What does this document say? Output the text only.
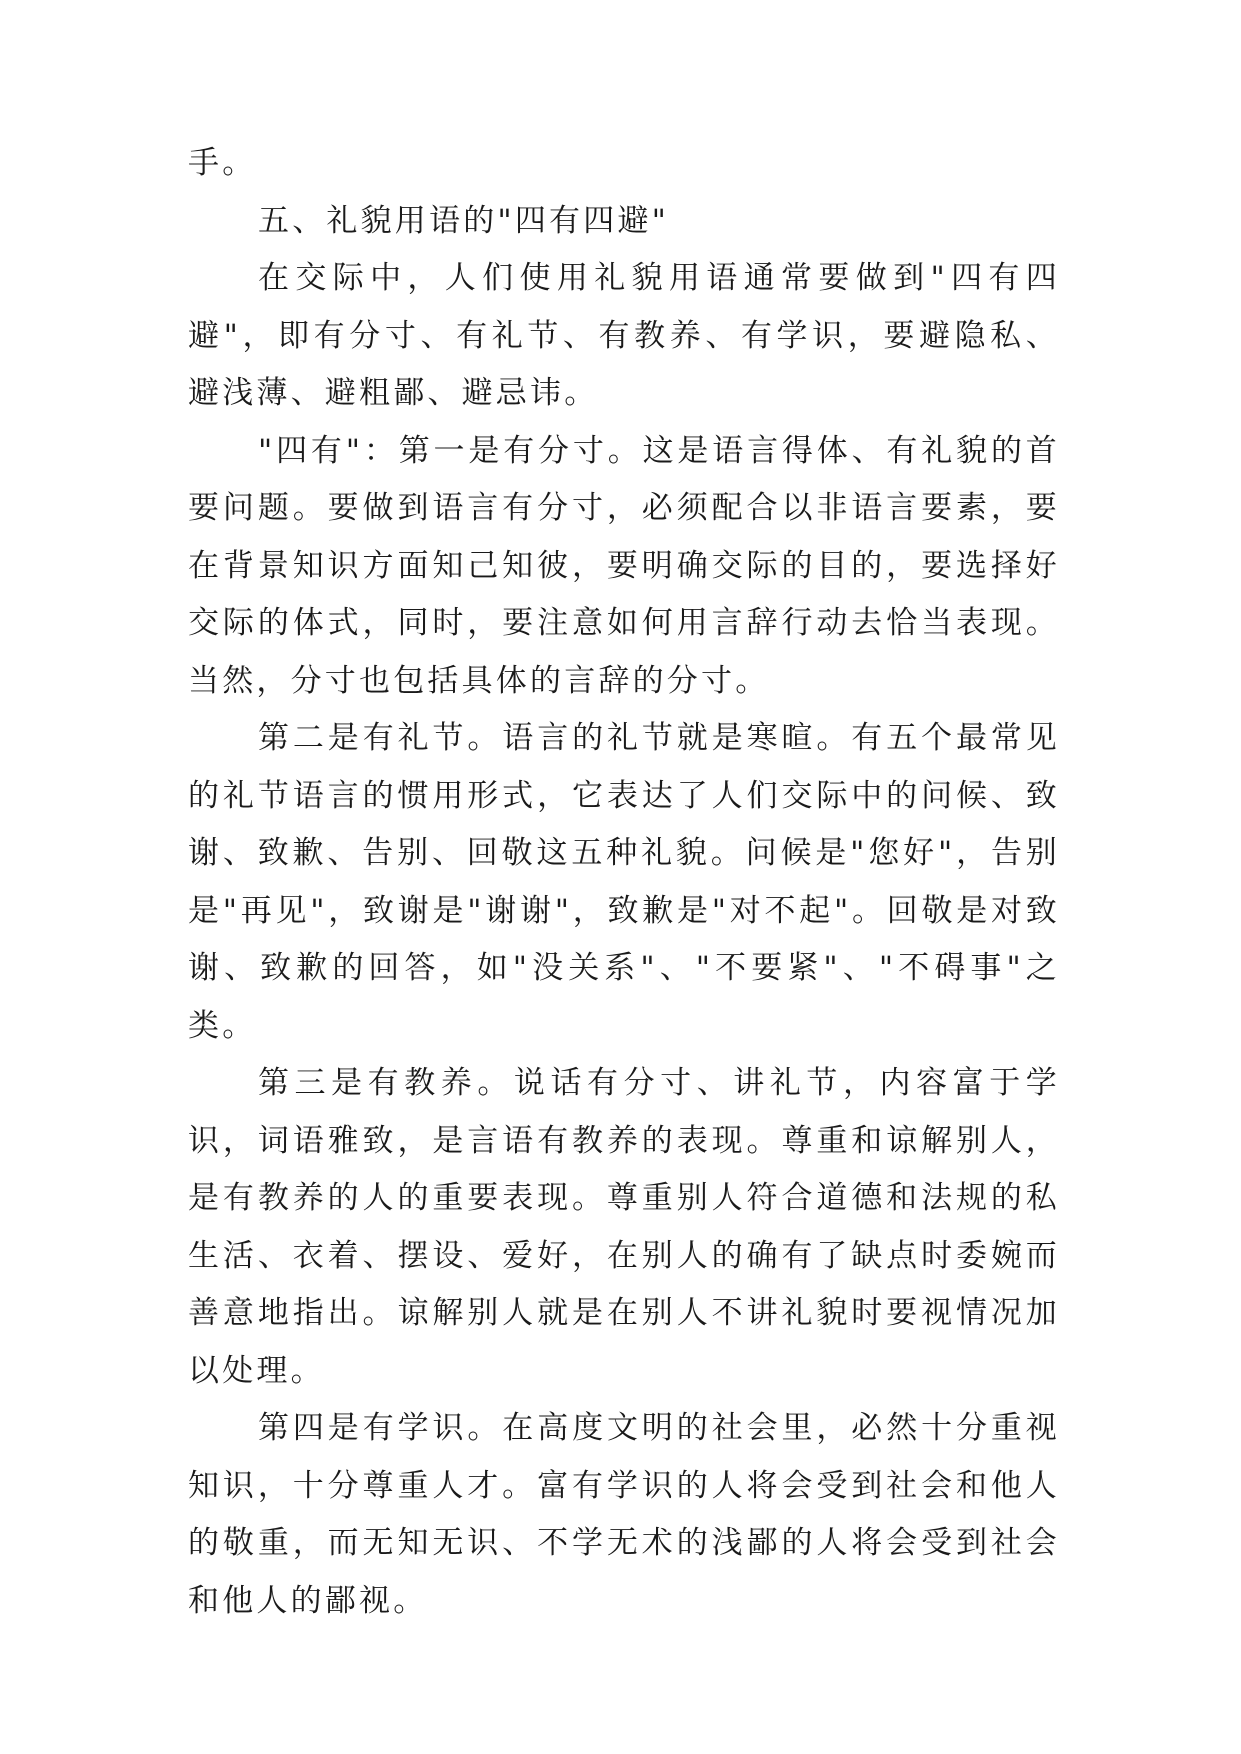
手。

五、礼貌用语的"四有四避"

在交际中，人们使用礼貌用语通常要做到"四有四避"，即有分寸、有礼节、有教养、有学识，要避隐私、避浅薄、避粗鄙、避忌讳。

"四有"：第一是有分寸。这是语言得体、有礼貌的首要问题。要做到语言有分寸，必须配合以非语言要素，要在背景知识方面知己知彼，要明确交际的目的，要选择好交际的体式，同时，要注意如何用言辞行动去恰当表现。当然，分寸也包括具体的言辞的分寸。

第二是有礼节。语言的礼节就是寒暄。有五个最常见的礼节语言的惯用形式，它表达了人们交际中的问候、致谢、致歉、告别、回敬这五种礼貌。问候是"您好"，告别是"再见"，致谢是"谢谢"，致歉是"对不起"。回敬是对致谢、致歉的回答，如"没关系"、"不要紧"、"不碍事"之类。

第三是有教养。说话有分寸、讲礼节，内容富于学识，词语雅致，是言语有教养的表现。尊重和谅解别人，是有教养的人的重要表现。尊重别人符合道德和法规的私生活、衣着、摆设、爱好，在别人的确有了缺点时委婉而善意地指出。谅解别人就是在别人不讲礼貌时要视情况加以处理。

第四是有学识。在高度文明的社会里，必然十分重视知识，十分尊重人才。富有学识的人将会受到社会和他人的敬重，而无知无识、不学无术的浅鄙的人将会受到社会和他人的鄙视。
